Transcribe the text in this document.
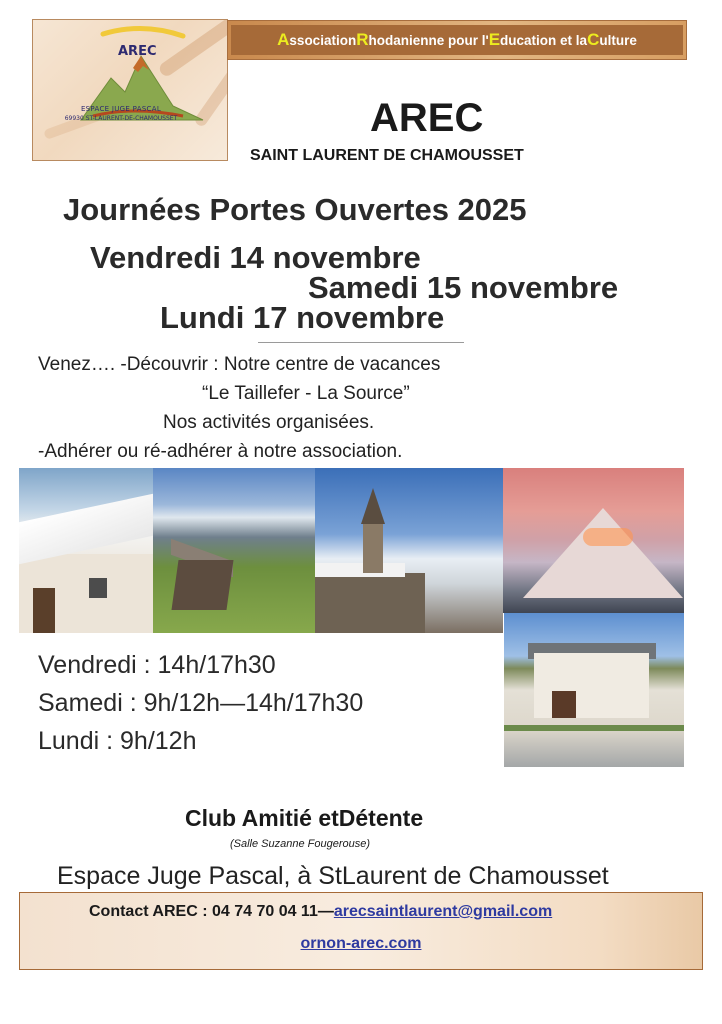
AREC
ESPACE JUGE PASCAL
69930 ST-LAURENT-DE-CHAMOUSSET
A ssociation R hodanienne pour l' E ducation et la C ulture
AREC
SAINT LAURENT DE CHAMOUSSET
Journées Portes Ouvertes 2025
Vendredi 14 novembre
Samedi 15 novembre
Lundi 17 novembre
Venez…. -Découvrir : Notre centre de vacances
“Le Taillefer - La Source”
Nos activités organisées.
-Adhérer ou ré-adhérer à notre association.
Vendredi : 14h/17h30
Samedi : 9h/12h—14h/17h30
Lundi : 9h/12h
Club Amitié etDétente
(Salle Suzanne Fougerouse)
Espace Juge Pascal, à StLaurent de Chamousset
Contact AREC : 04 74 70 04 11—arecsaintlaurent@gmail.com
ornon-arec.com
